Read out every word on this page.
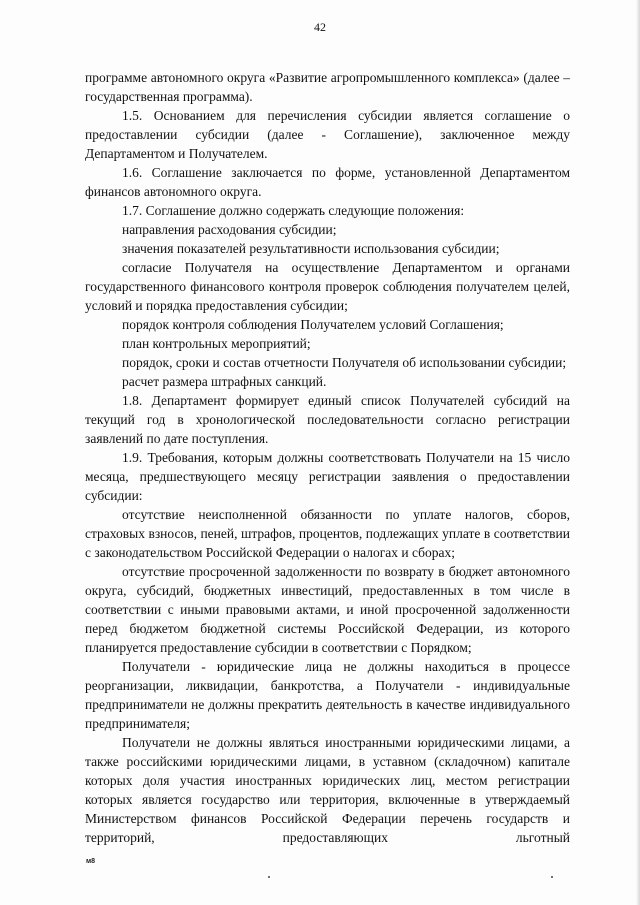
42

программе автономного округа «Развитие агропромышленного комплекса» (далее – государственная программа).

1.5. Основанием для перечисления субсидии является соглашение о предоставлении субсидии (далее - Соглашение), заключенное между Департаментом и Получателем.

1.6. Соглашение заключается по форме, установленной Департаментом финансов автономного округа.

1.7. Соглашение должно содержать следующие положения:

направления расходования субсидии;

значения показателей результативности использования субсидии;

согласие Получателя на осуществление Департаментом и органами государственного финансового контроля проверок соблюдения получателем целей, условий и порядка предоставления субсидии;

порядок контроля соблюдения Получателем условий Соглашения;

план контрольных мероприятий;

порядок, сроки и состав отчетности Получателя об использовании субсидии;

расчет размера штрафных санкций.

1.8. Департамент формирует единый список Получателей субсидий на текущий год в хронологической последовательности согласно регистрации заявлений по дате поступления.

1.9. Требования, которым должны соответствовать Получатели на 15 число месяца, предшествующего месяцу регистрации заявления о предоставлении субсидии:

отсутствие неисполненной обязанности по уплате налогов, сборов, страховых взносов, пеней, штрафов, процентов, подлежащих уплате в соответствии с законодательством Российской Федерации о налогах и сборах;

отсутствие просроченной задолженности по возврату в бюджет автономного округа, субсидий, бюджетных инвестиций, предоставленных в том числе в соответствии с иными правовыми актами, и иной просроченной задолженности перед бюджетом бюджетной системы Российской Федерации, из которого планируется предоставление субсидии в соответствии с Порядком;

Получатели - юридические лица не должны находиться в процессе реорганизации, ликвидации, банкротства, а Получатели - индивидуальные предприниматели не должны прекратить деятельность в качестве индивидуального предпринимателя;

Получатели не должны являться иностранными юридическими лицами, а также российскими юридическими лицами, в уставном (складочном) капитале которых доля участия иностранных юридических лиц, местом регистрации которых является государство или территория, включенные в утверждаемый Министерством финансов Российской Федерации перечень государств и территорий, предоставляющих льготный

м8
